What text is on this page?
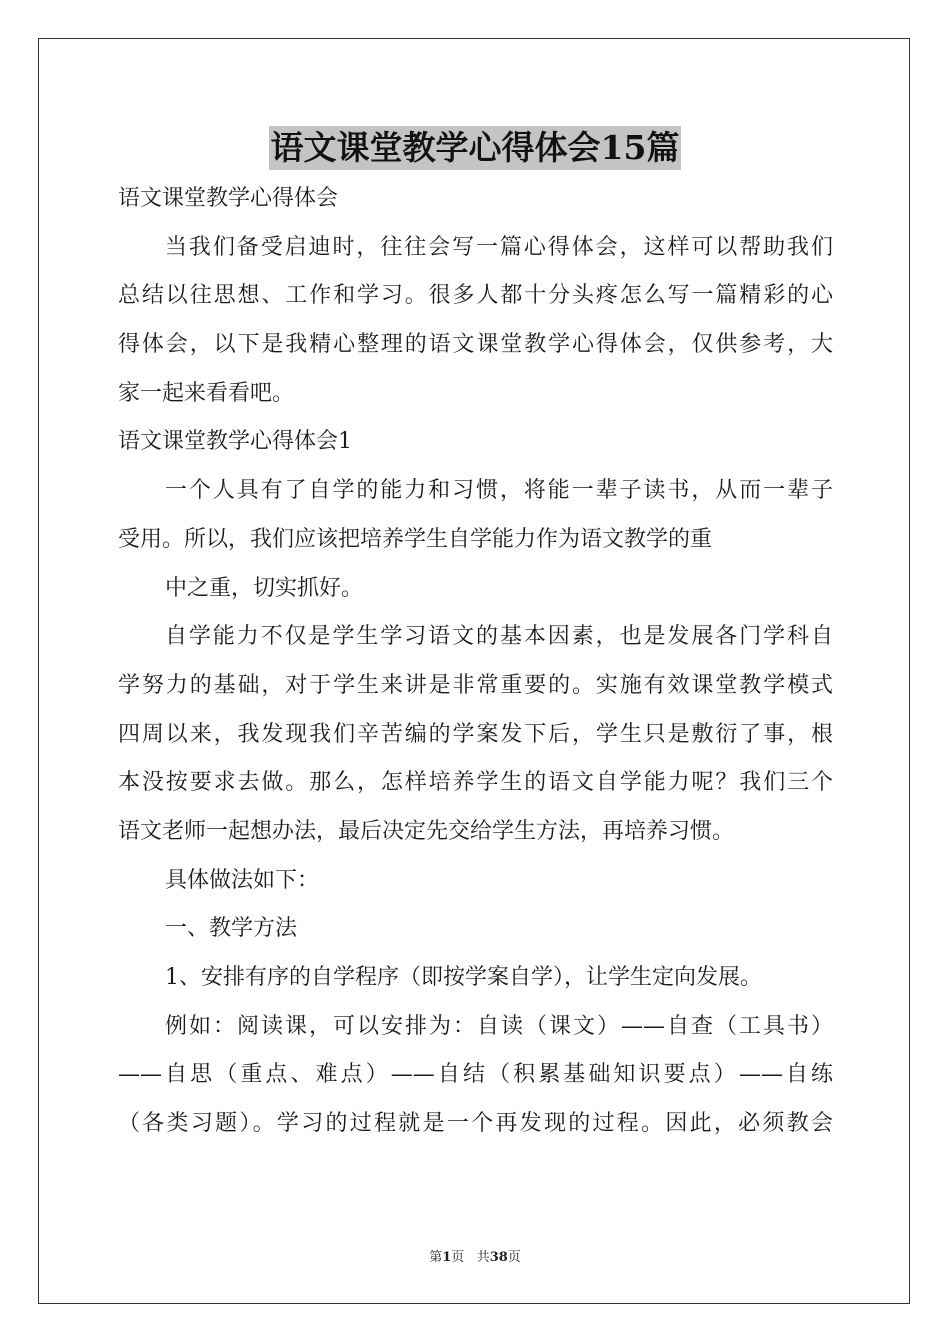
语文课堂教学心得体会15篇

语文课堂教学心得体会

当我们备受启迪时，往往会写一篇心得体会，这样可以帮助我们

总结以往思想、工作和学习。很多人都十分头疼怎么写一篇精彩的心

得体会，以下是我精心整理的语文课堂教学心得体会，仅供参考，大

家一起来看看吧。

语文课堂教学心得体会1

一个人具有了自学的能力和习惯，将能一辈子读书，从而一辈子

受用。所以，我们应该把培养学生自学能力作为语文教学的重

中之重，切实抓好。

自学能力不仅是学生学习语文的基本因素，也是发展各门学科自

学努力的基础，对于学生来讲是非常重要的。实施有效课堂教学模式

四周以来，我发现我们辛苦编的学案发下后，学生只是敷衍了事，根

本没按要求去做。那么，怎样培养学生的语文自学能力呢？我们三个

语文老师一起想办法，最后决定先交给学生方法，再培养习惯。

具体做法如下：

一、教学方法

1、安排有序的自学程序（即按学案自学），让学生定向发展。

例如：阅读课，可以安排为：自读（课文）——自查（工具书）

——自思（重点、难点）——自结（积累基础知识要点）——自练

（各类习题）。学习的过程就是一个再发现的过程。因此，必须教会

第1页 共38页
